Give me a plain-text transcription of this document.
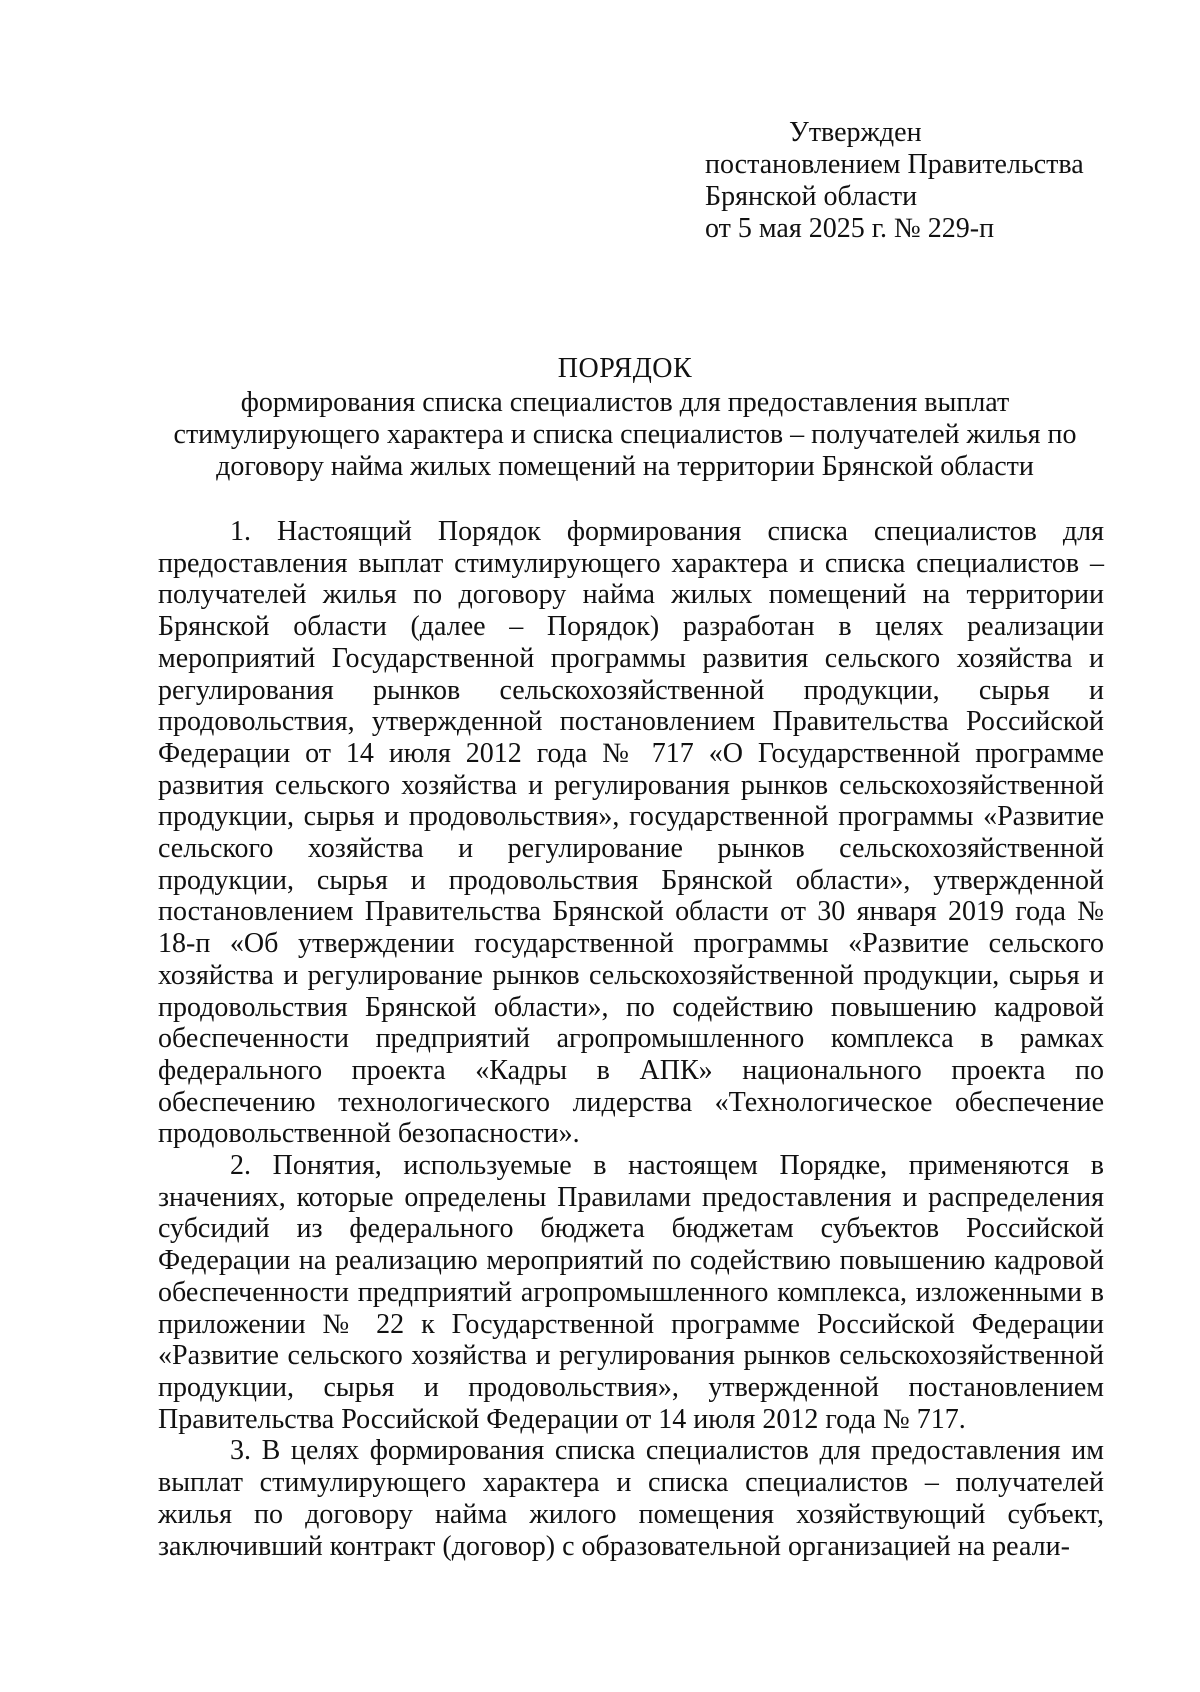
Утвержден
постановлением Правительства
Брянской области
от 5 мая 2025 г. № 229-п
ПОРЯДОК
формирования списка специалистов для предоставления выплат стимулирующего характера и списка специалистов – получателей жилья по договору найма жилых помещений на территории Брянской области

1. Настоящий Порядок формирования списка специалистов для предоставления выплат стимулирующего характера и списка специалистов – получателей жилья по договору найма жилых помещений на территории Брянской области (далее – Порядок) разработан в целях реализации мероприятий Государственной программы развития сельского хозяйства и регулирования рынков сельскохозяйственной продукции, сырья и продовольствия, утвержденной постановлением Правительства Российской Федерации от 14 июля 2012 года № 717 «О Государственной программе развития сельского хозяйства и регулирования рынков сельскохозяйственной продукции, сырья и продовольствия», государственной программы «Развитие сельского хозяйства и регулирование рынков сельскохозяйственной продукции, сырья и продовольствия Брянской области», утвержденной постановлением Правительства Брянской области от 30 января 2019 года № 18-п «Об утверждении государственной программы «Развитие сельского хозяйства и регулирование рынков сельскохозяйственной продукции, сырья и продовольствия Брянской области», по содействию повышению кадровой обеспеченности предприятий агропромышленного комплекса в рамках федерального проекта «Кадры в АПК» национального проекта по обеспечению технологического лидерства «Технологическое обеспечение продовольственной безопасности».

2. Понятия, используемые в настоящем Порядке, применяются в значениях, которые определены Правилами предоставления и распределения субсидий из федерального бюджета бюджетам субъектов Российской Федерации на реализацию мероприятий по содействию повышению кадровой обеспеченности предприятий агропромышленного комплекса, изложенными в приложении № 22 к Государственной программе Российской Федерации «Развитие сельского хозяйства и регулирования рынков сельскохозяйственной продукции, сырья и продовольствия», утвержденной постановлением Правительства Российской Федерации от 14 июля 2012 года № 717.

3. В целях формирования списка специалистов для предоставления им выплат стимулирующего характера и списка специалистов – получателей жилья по договору найма жилого помещения хозяйствующий субъект, заключивший контракт (договор) с образовательной организацией на реали-
